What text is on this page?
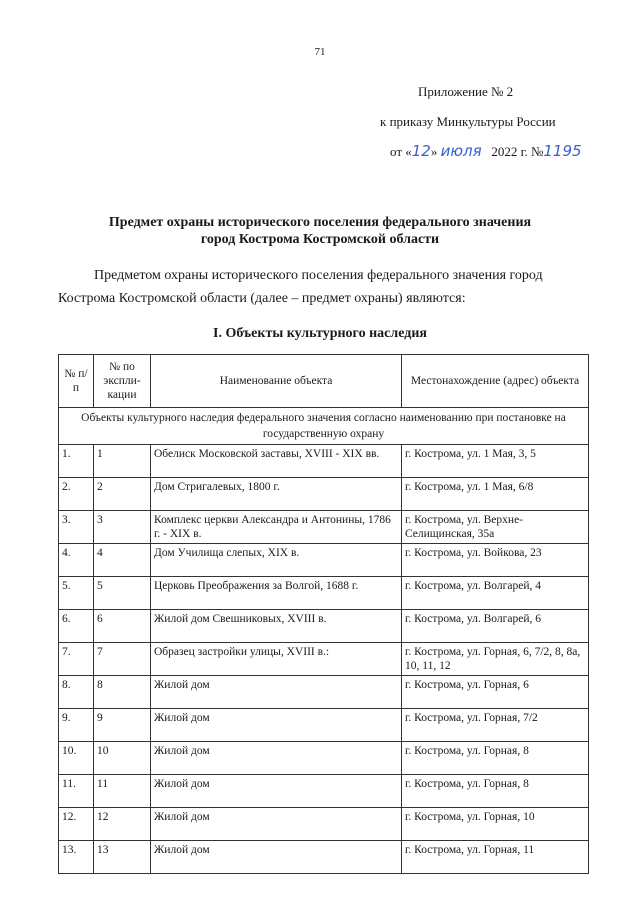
71
Приложение № 2
к приказу Минкультуры России
от «12» июля 2022 г. №1195
Предмет охраны исторического поселения федерального значения
город Кострома Костромской области
Предметом охраны исторического поселения федерального значения город Кострома Костромской области (далее – предмет охраны) являются:
I. Объекты культурного наследия
№ п/п	№ по экспли-кации	Наименование объекта	Местонахождение (адрес) объекта
Объекты культурного наследия федерального значения согласно наименованию при постановке на государственную охрану			
1.	1	Обелиск Московской заставы, XVIII - XIX вв.	г. Кострома, ул. 1 Мая, 3, 5
2.	2	Дом Стригалевых, 1800 г.	г. Кострома, ул. 1 Мая, 6/8
3.	3	Комплекс церкви Александра и Антонины, 1786 г. - XIX в.	г. Кострома, ул. Верхне-Селищинская, 35а
4.	4	Дом Училища слепых, XIX в.	г. Кострома, ул. Войкова, 23
5.	5	Церковь Преображения за Волгой, 1688 г.	г. Кострома, ул. Волгарей, 4
6.	6	Жилой дом Свешниковых, XVIII в.	г. Кострома, ул. Волгарей, 6
7.	7	Образец застройки улицы, XVIII в.:	г. Кострома, ул. Горная, 6, 7/2, 8, 8а, 10, 11, 12
8.	8	Жилой дом	г. Кострома, ул. Горная, 6
9.	9	Жилой дом	г. Кострома, ул. Горная, 7/2
10.	10	Жилой дом	г. Кострома, ул. Горная, 8
11.	11	Жилой дом	г. Кострома, ул. Горная, 8
12.	12	Жилой дом	г. Кострома, ул. Горная, 10
13.	13	Жилой дом	г. Кострома, ул. Горная, 11
